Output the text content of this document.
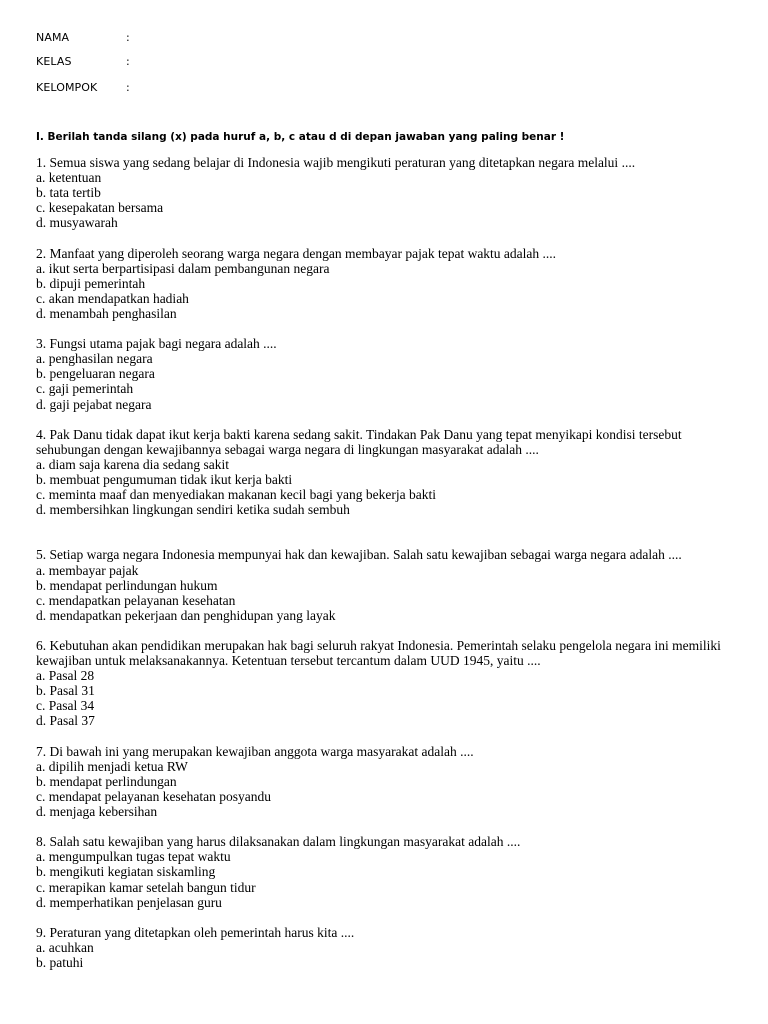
NAMA	:
KELAS	:
KELOMPOK	:
I. Berilah tanda silang (x) pada huruf a, b, c atau d di depan jawaban yang paling benar !
1. Semua siswa yang sedang belajar di Indonesia wajib mengikuti peraturan yang ditetapkan negara melalui ....
a. ketentuan
b. tata tertib
c. kesepakatan bersama
d. musyawarah
2. Manfaat yang diperoleh seorang warga negara dengan membayar pajak tepat waktu adalah ....
a. ikut serta berpartisipasi dalam pembangunan negara
b. dipuji pemerintah
c. akan mendapatkan hadiah
d. menambah penghasilan
3. Fungsi utama pajak bagi negara adalah ....
a. penghasilan negara
b. pengeluaran negara
c. gaji pemerintah
d. gaji pejabat negara
4. Pak Danu tidak dapat ikut kerja bakti karena sedang sakit. Tindakan Pak Danu yang tepat menyikapi kondisi tersebut sehubungan dengan kewajibannya sebagai warga negara di lingkungan masyarakat adalah ....
a. diam saja karena dia sedang sakit
b. membuat pengumuman tidak ikut kerja bakti
c. meminta maaf dan menyediakan makanan kecil bagi yang bekerja bakti
d. membersihkan lingkungan sendiri ketika sudah sembuh
5. Setiap warga negara Indonesia mempunyai hak dan kewajiban. Salah satu kewajiban sebagai warga negara adalah ....
a. membayar pajak
b. mendapat perlindungan hukum
c. mendapatkan pelayanan kesehatan
d. mendapatkan pekerjaan dan penghidupan yang layak
6. Kebutuhan akan pendidikan merupakan hak bagi seluruh rakyat Indonesia. Pemerintah selaku pengelola negara ini memiliki kewajiban untuk melaksanakannya. Ketentuan tersebut tercantum dalam UUD 1945, yaitu ....
a. Pasal 28
b. Pasal 31
c. Pasal 34
d. Pasal 37
7. Di bawah ini yang merupakan kewajiban anggota warga masyarakat adalah ....
a. dipilih menjadi ketua RW
b. mendapat perlindungan
c. mendapat pelayanan kesehatan posyandu
d. menjaga kebersihan
8. Salah satu kewajiban yang harus dilaksanakan dalam lingkungan masyarakat adalah ....
a. mengumpulkan tugas tepat waktu
b. mengikuti kegiatan siskamling
c. merapikan kamar setelah bangun tidur
d. memperhatikan penjelasan guru
9. Peraturan yang ditetapkan oleh pemerintah harus kita ....
a. acuhkan
b. patuhi
